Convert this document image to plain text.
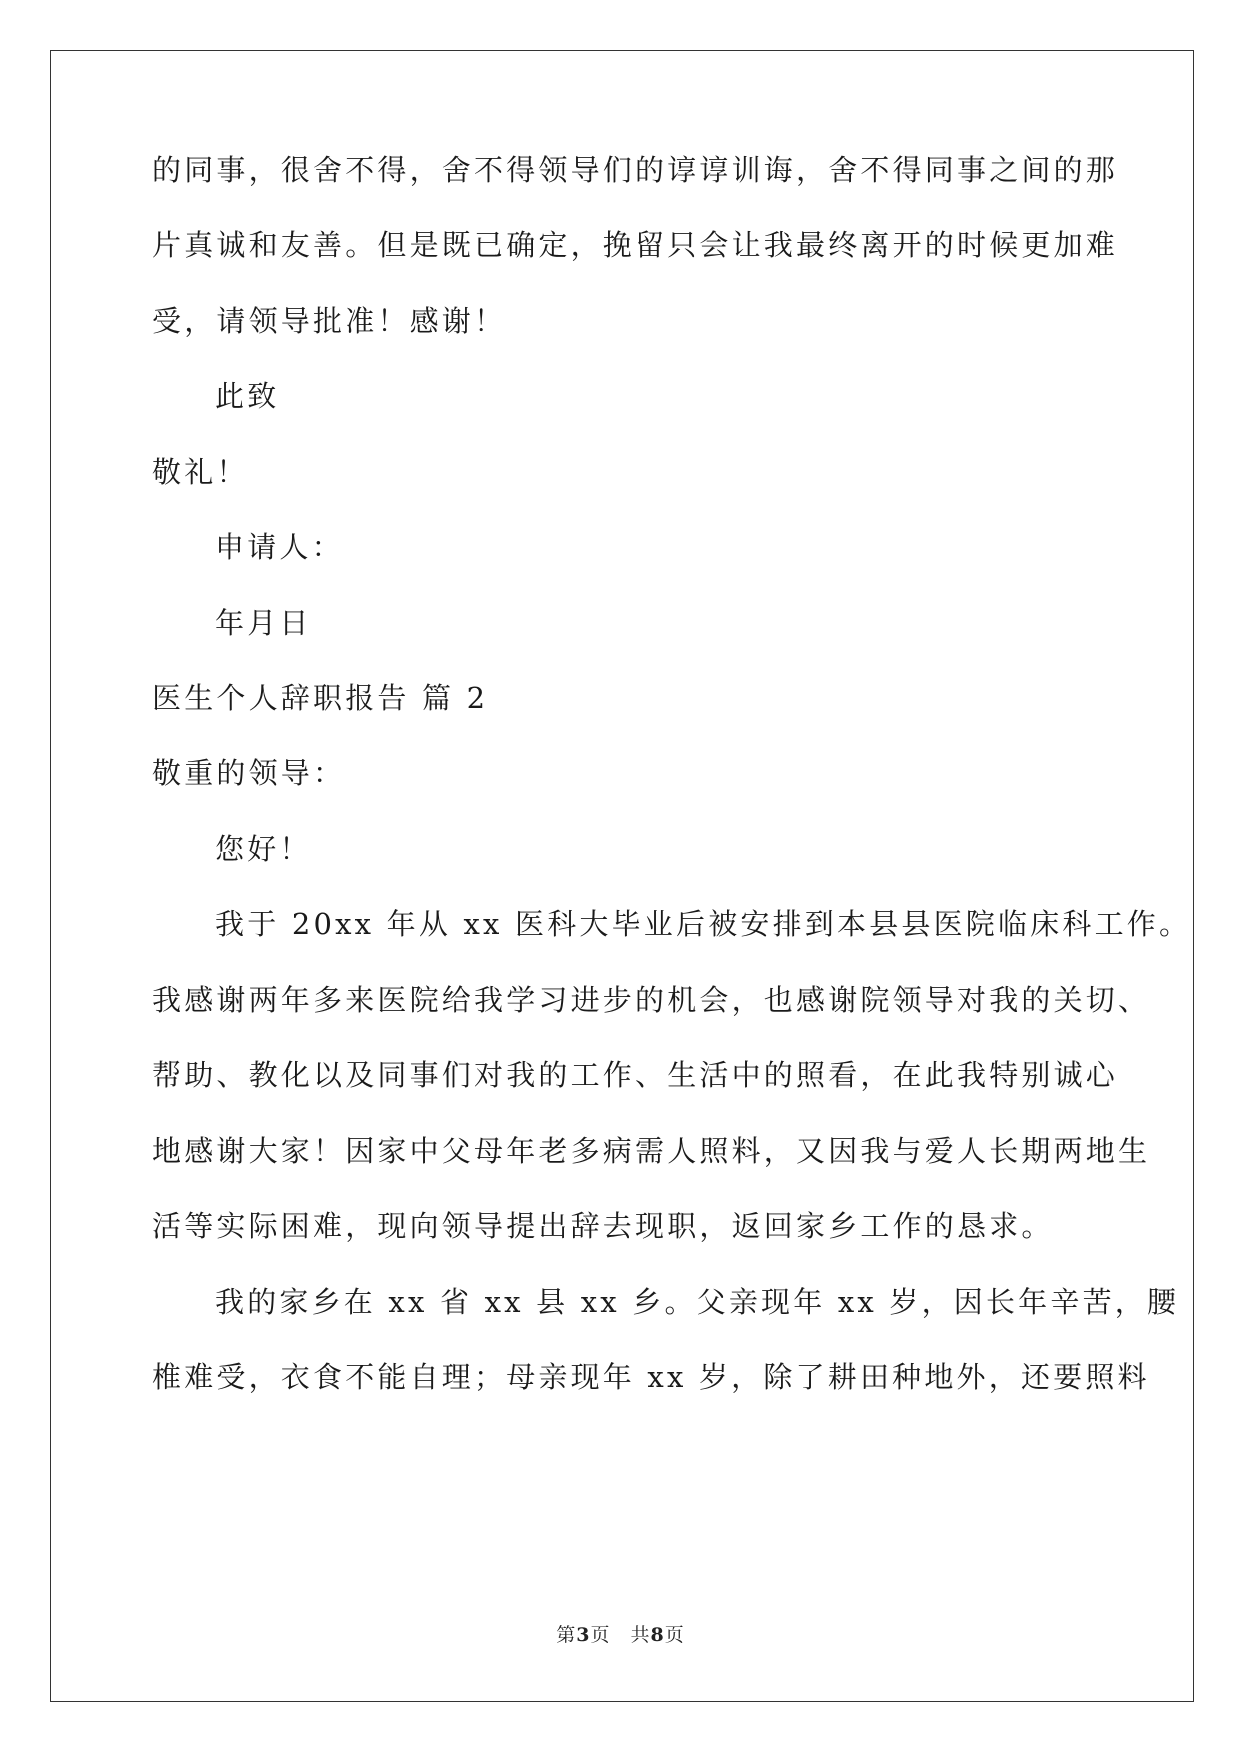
的同事，很舍不得，舍不得领导们的谆谆训诲，舍不得同事之间的那
片真诚和友善。但是既已确定，挽留只会让我最终离开的时候更加难
受，请领导批准！感谢！
此致
敬礼！
申请人：
年月日
医生个人辞职报告 篇 2
敬重的领导：
您好！
我于 20xx 年从 xx 医科大毕业后被安排到本县县医院临床科工作。
我感谢两年多来医院给我学习进步的机会，也感谢院领导对我的关切、
帮助、教化以及同事们对我的工作、生活中的照看，在此我特别诚心
地感谢大家！因家中父母年老多病需人照料，又因我与爱人长期两地生
活等实际困难，现向领导提出辞去现职，返回家乡工作的恳求。
我的家乡在 xx 省 xx 县 xx 乡。父亲现年 xx 岁，因长年辛苦，腰
椎难受，衣食不能自理；母亲现年 xx 岁，除了耕田种地外，还要照料
第3页　共8页
